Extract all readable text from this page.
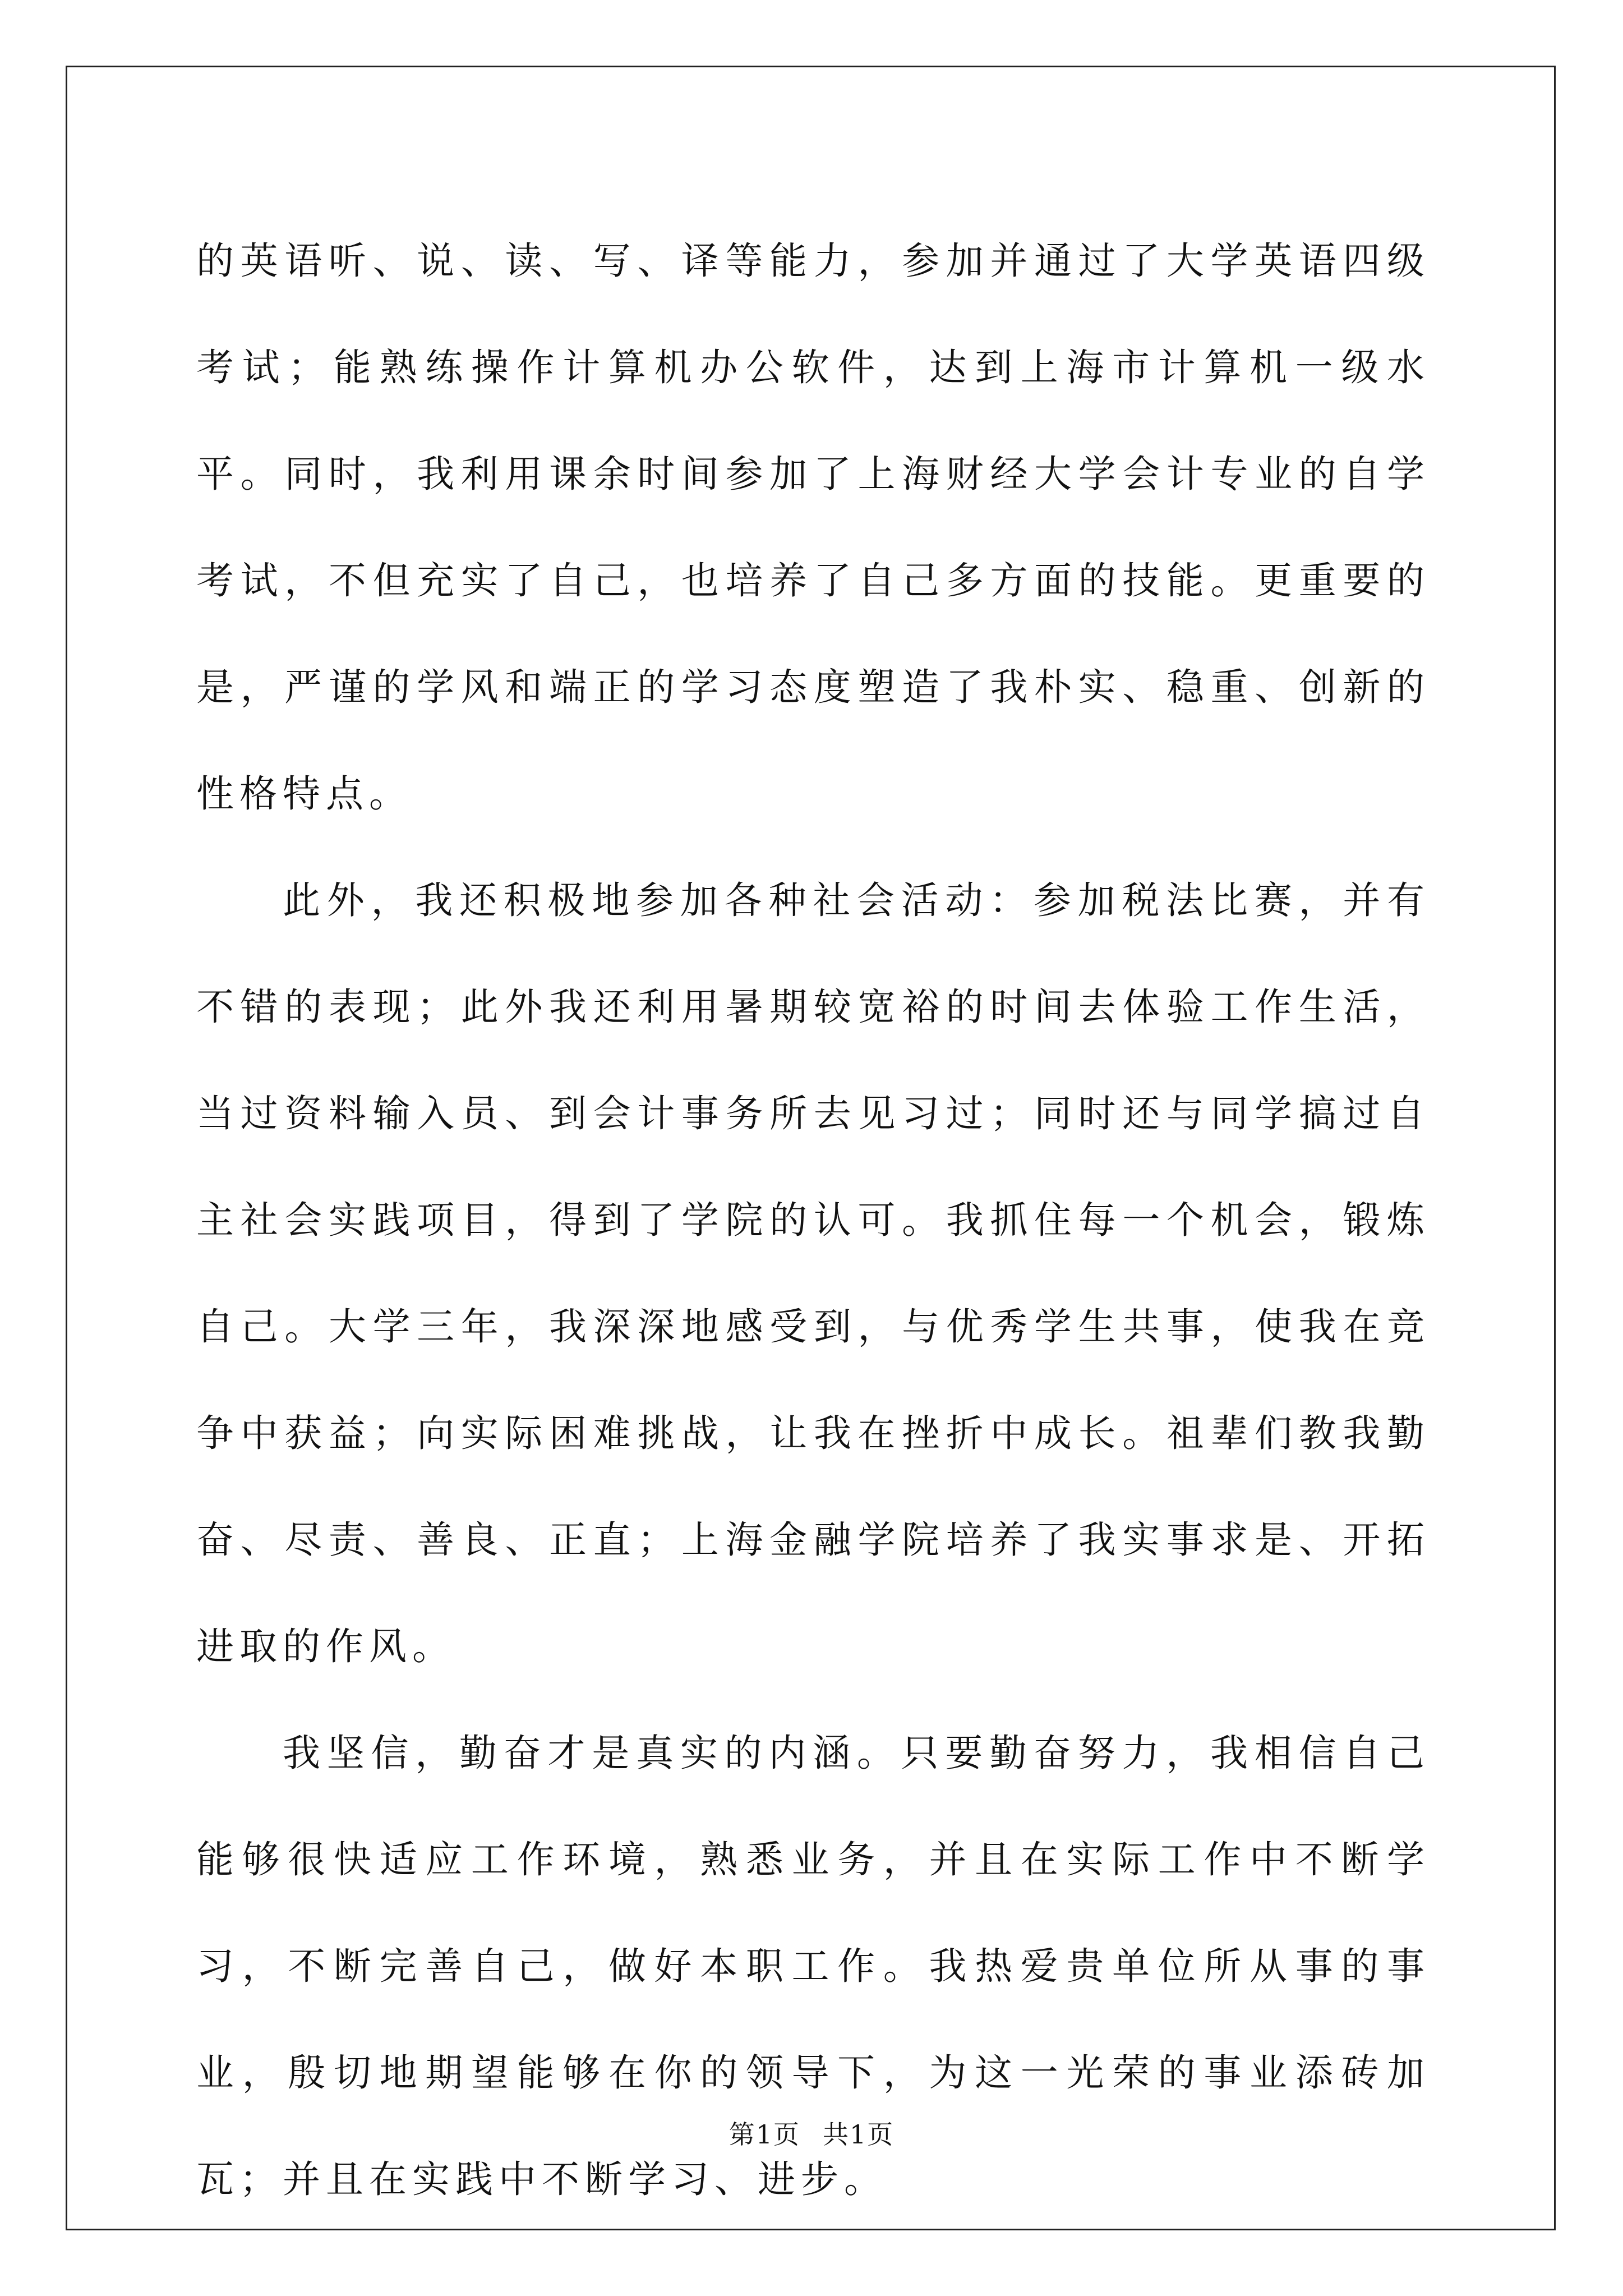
的英语听、说、读、写、译等能力，参加并通过了大学英语四级考试；能熟练操作计算机办公软件，达到上海市计算机一级水平。同时，我利用课余时间参加了上海财经大学会计专业的自学考试，不但充实了自己，也培养了自己多方面的技能。更重要的是，严谨的学风和端正的学习态度塑造了我朴实、稳重、创新的性格特点。

此外，我还积极地参加各种社会活动：参加税法比赛，并有不错的表现；此外我还利用暑期较宽裕的时间去体验工作生活，当过资料输入员、到会计事务所去见习过；同时还与同学搞过自主社会实践项目，得到了学院的认可。我抓住每一个机会，锻炼自己。大学三年，我深深地感受到，与优秀学生共事，使我在竞争中获益；向实际困难挑战，让我在挫折中成长。祖辈们教我勤奋、尽责、善良、正直；上海金融学院培养了我实事求是、开拓进取的作风。

我坚信，勤奋才是真实的内涵。只要勤奋努力，我相信自己能够很快适应工作环境，熟悉业务，并且在实际工作中不断学习，不断完善自己，做好本职工作。我热爱贵单位所从事的事业，殷切地期望能够在你的领导下，为这一光荣的事业添砖加瓦；并且在实践中不断学习、进步。

第1页 共1页
